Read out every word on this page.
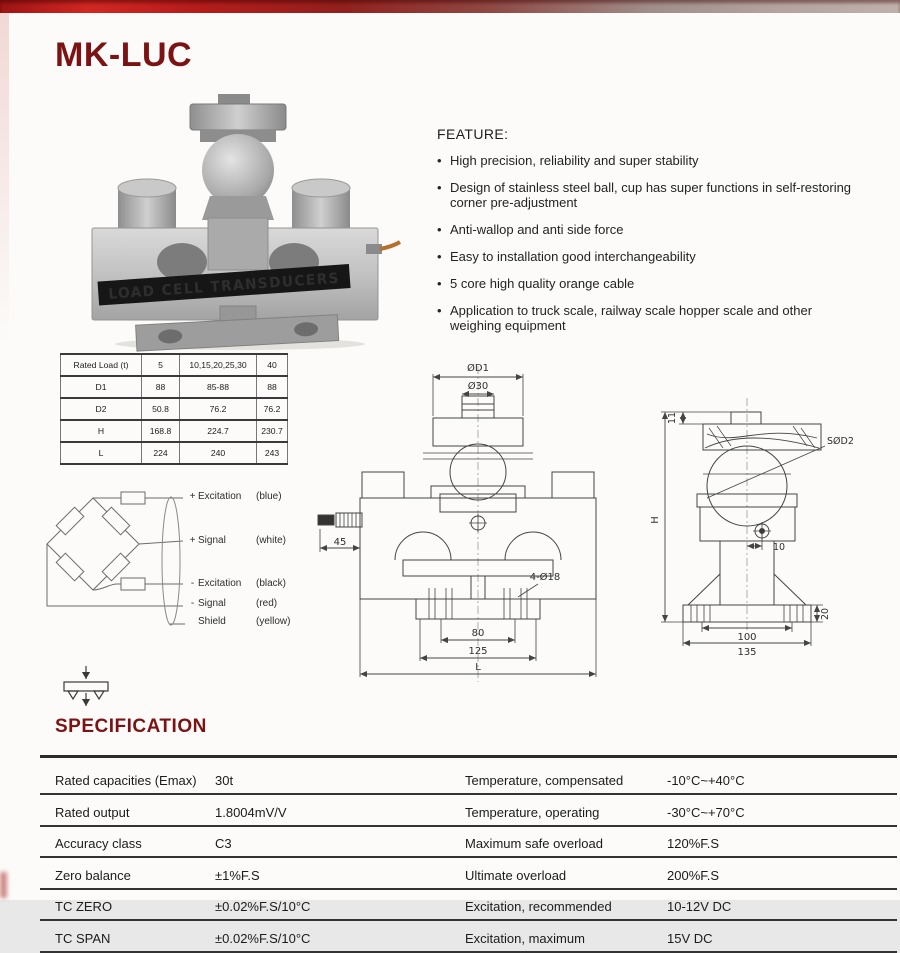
MK-LUC
LOAD CELL TRANSDUCERS
FEATURE:
• High precision, reliability and super stability
• Design of stainless steel ball, cup has super functions in self-restoring corner pre-adjustment
• Anti-wallop and anti side force
• Easy to installation good interchangeability
• 5 core high quality orange cable
• Application to truck scale, railway scale hopper scale and other weighing equipment
Rated Load (t)	5	10,15,20,25,30	40
D1	88	85-88	88
D2	50.8	76.2	76.2
H	168.8	224.7	230.7
L	224	240	243
+ Excitation (blue)
+ Signal	(white)
- Excitation (black)
- Signal	(red)
Shield	(yellow)
ØD1
Ø30
45
4-Ø18
80
125
L
SØD2
10
11
H
20
100
135
SPECIFICATION
Rated capacities (Emax)	30t	Temperature, compensated	-10°C~+40°C
Rated output	1.8004mV/V	Temperature, operating	-30°C~+70°C
Accuracy class	C3	Maximum safe overload	120%F.S
Zero balance	±1%F.S	Ultimate overload	200%F.S
TC ZERO	±0.02%F.S/10°C	Excitation, recommended	10-12V DC
TC SPAN	±0.02%F.S/10°C	Excitation, maximum	15V DC
